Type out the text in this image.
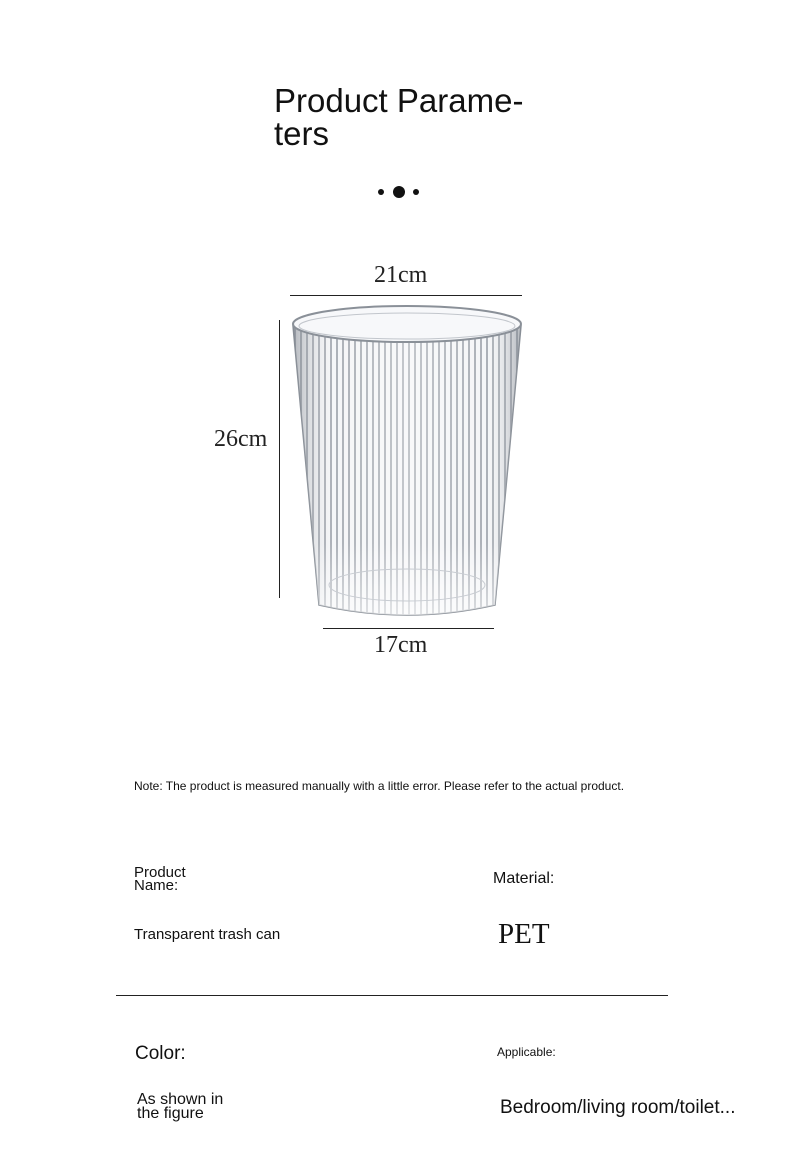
Product Parame-
ters
21cm
26cm
17cm
Note: The product is measured manually with a little error. Please refer to the actual product.
Product
Name:
Transparent trash can
Material:
PET
Color:
As shown in
the figure
Applicable:
Bedroom/living room/toilet...
